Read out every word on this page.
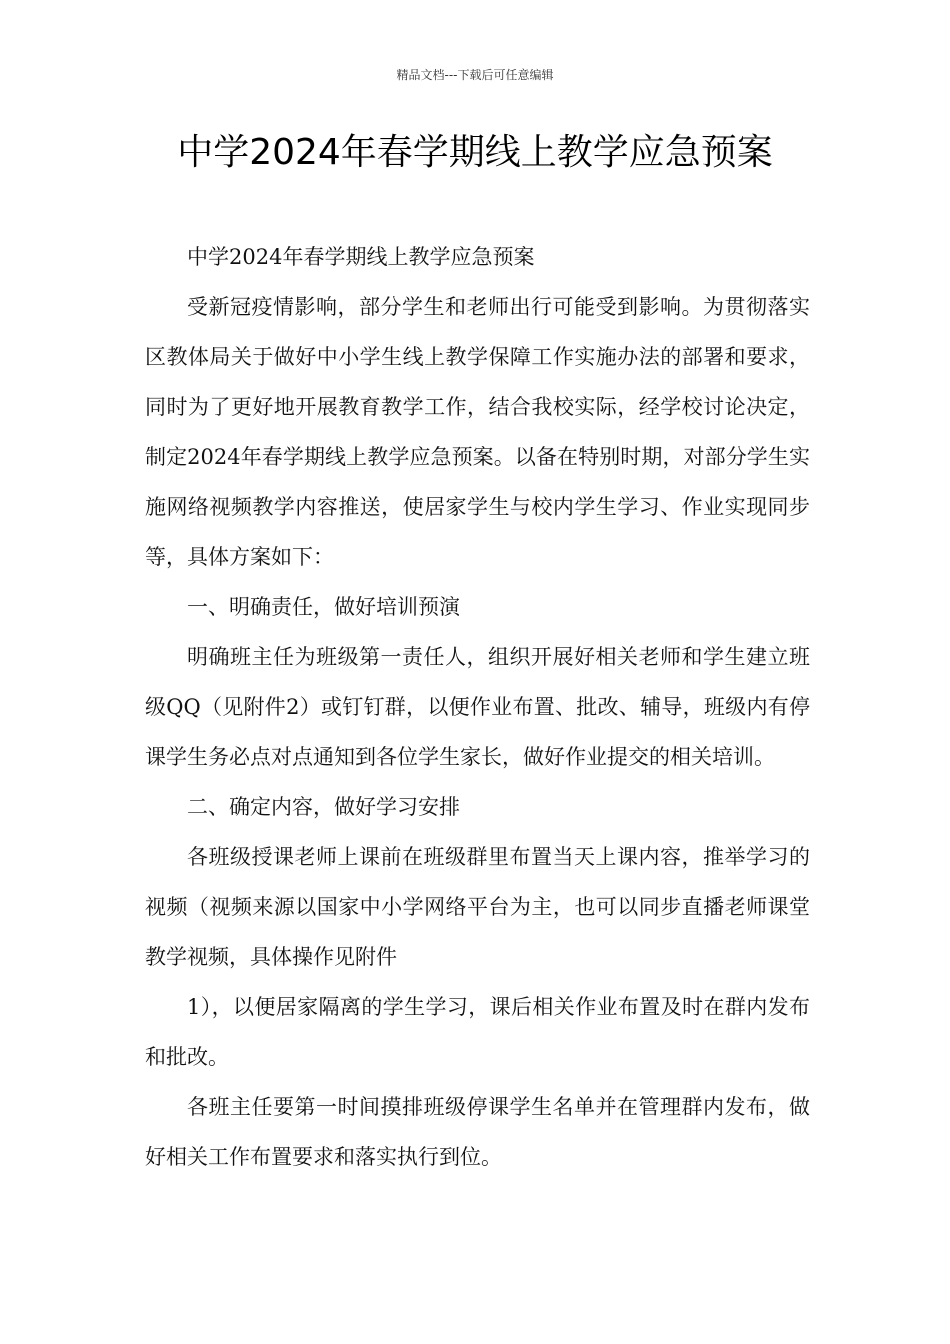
精品文档---下载后可任意编辑
中学2024年春学期线上教学应急预案

中学2024年春学期线上教学应急预案

受新冠疫情影响，部分学生和老师出行可能受到影响。为贯彻落实区教体局关于做好中小学生线上教学保障工作实施办法的部署和要求，同时为了更好地开展教育教学工作，结合我校实际，经学校讨论决定，制定2024年春学期线上教学应急预案。以备在特别时期，对部分学生实施网络视频教学内容推送，使居家学生与校内学生学习、作业实现同步等，具体方案如下：

一、明确责任，做好培训预演

明确班主任为班级第一责任人，组织开展好相关老师和学生建立班级QQ（见附件2）或钉钉群，以便作业布置、批改、辅导，班级内有停课学生务必点对点通知到各位学生家长，做好作业提交的相关培训。

二、确定内容，做好学习安排

各班级授课老师上课前在班级群里布置当天上课内容，推举学习的视频（视频来源以国家中小学网络平台为主，也可以同步直播老师课堂教学视频，具体操作见附件

1），以便居家隔离的学生学习，课后相关作业布置及时在群内发布和批改。

各班主任要第一时间摸排班级停课学生名单并在管理群内发布，做好相关工作布置要求和落实执行到位。
